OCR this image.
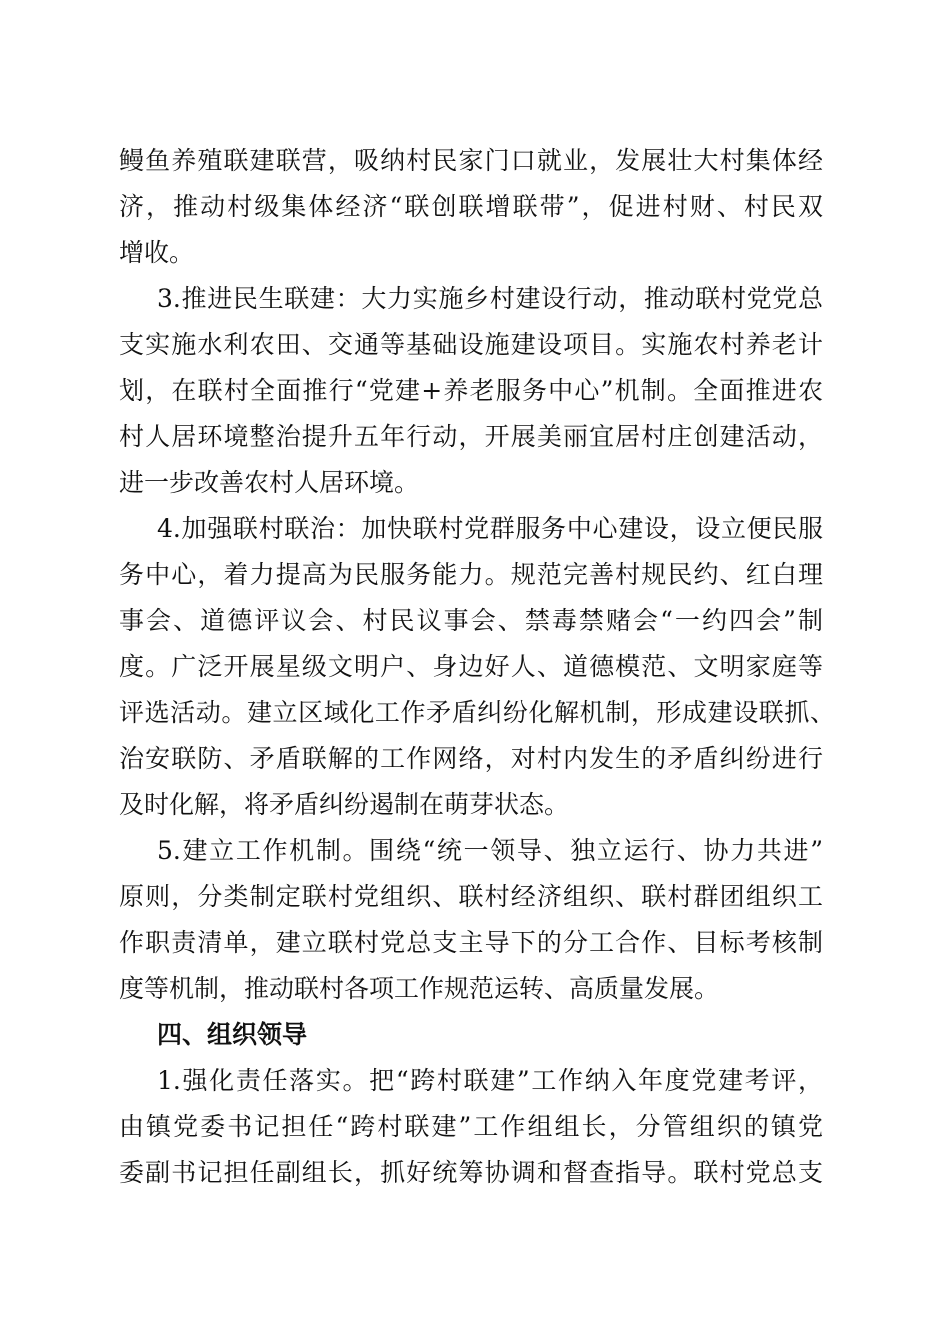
鳗鱼养殖联建联营，吸纳村民家门口就业，发展壮大村集体经
济，推动村级集体经济“联创联增联带”，促进村财、村民双
增收。
3.推进民生联建：大力实施乡村建设行动，推动联村党党总
支实施水利农田、交通等基础设施建设项目。实施农村养老计
划，在联村全面推行“党建+养老服务中心”机制。全面推进农
村人居环境整治提升五年行动，开展美丽宜居村庄创建活动，
进一步改善农村人居环境。
4.加强联村联治：加快联村党群服务中心建设，设立便民服
务中心，着力提高为民服务能力。规范完善村规民约、红白理
事会、道德评议会、村民议事会、禁毒禁赌会“一约四会”制
度。广泛开展星级文明户、身边好人、道德模范、文明家庭等
评选活动。建立区域化工作矛盾纠纷化解机制，形成建设联抓、
治安联防、矛盾联解的工作网络，对村内发生的矛盾纠纷进行
及时化解，将矛盾纠纷遏制在萌芽状态。
5.建立工作机制。围绕“统一领导、独立运行、协力共进”
原则，分类制定联村党组织、联村经济组织、联村群团组织工
作职责清单，建立联村党总支主导下的分工合作、目标考核制
度等机制，推动联村各项工作规范运转、高质量发展。
四、组织领导
1.强化责任落实。把“跨村联建”工作纳入年度党建考评，
由镇党委书记担任“跨村联建”工作组组长，分管组织的镇党
委副书记担任副组长，抓好统筹协调和督查指导。联村党总支
